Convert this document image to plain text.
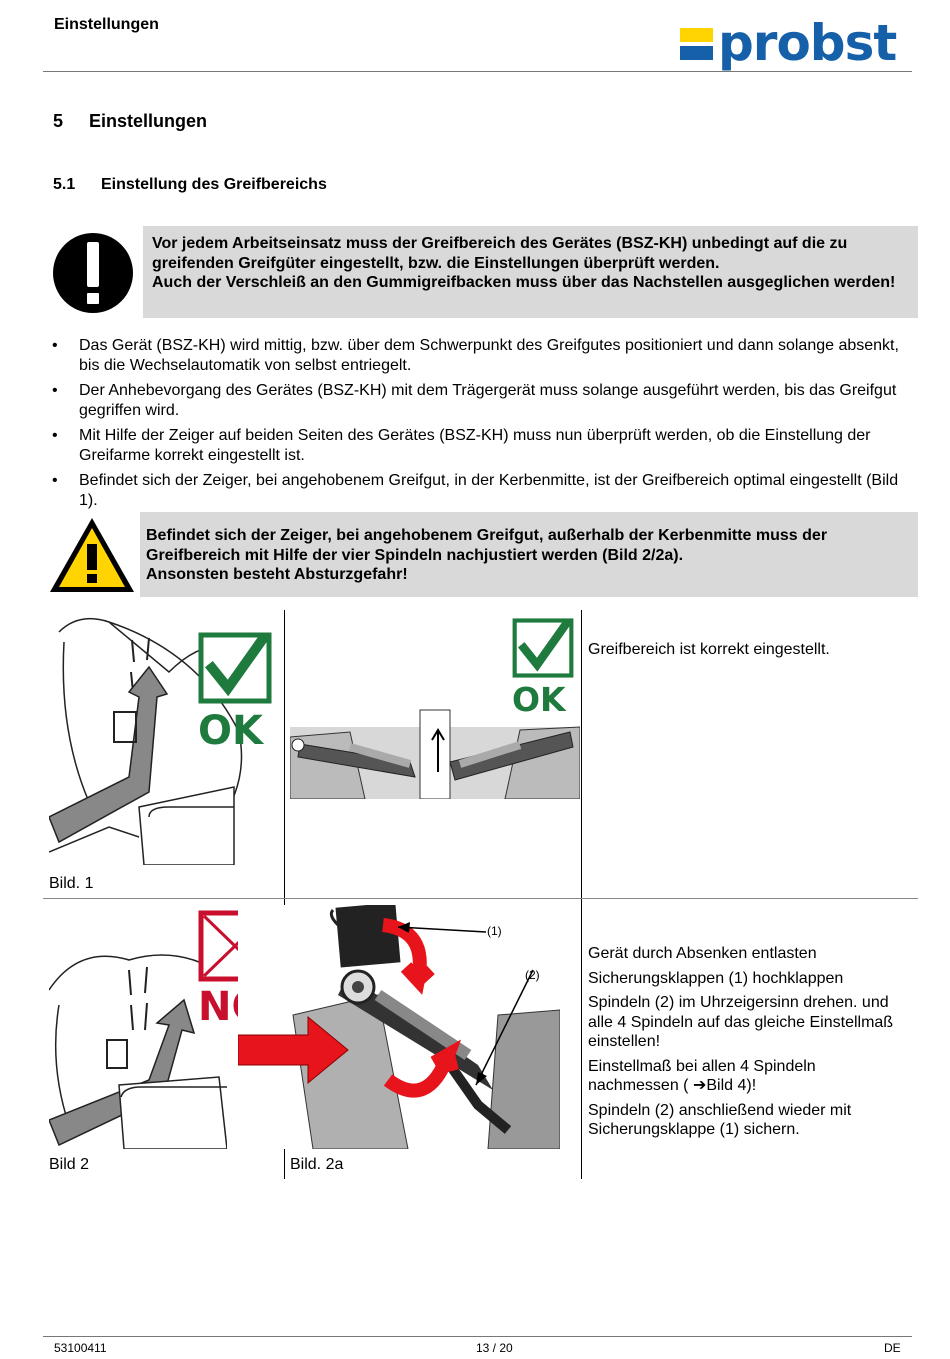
Einstellungen	probst
5 Einstellungen
5.1 Einstellung des Greifbereichs
Vor jedem Arbeitseinsatz muss der Greifbereich des Gerätes (BSZ-KH) unbedingt auf die zu greifenden Greifgüter eingestellt, bzw. die Einstellungen überprüft werden.
Auch der Verschleiß an den Gummigreifbacken muss über das Nachstellen ausgeglichen werden!
• Das Gerät (BSZ-KH) wird mittig, bzw. über dem Schwerpunkt des Greifgutes positioniert und dann solange absenkt, bis die Wechselautomatik von selbst entriegelt.
• Der Anhebevorgang des Gerätes (BSZ-KH) mit dem Trägergerät muss solange ausgeführt werden, bis das Greifgut gegriffen wird.
• Mit Hilfe der Zeiger auf beiden Seiten des Gerätes (BSZ-KH) muss nun überprüft werden, ob die Einstellung der Greifarme korrekt eingestellt ist.
• Befindet sich der Zeiger, bei angehobenem Greifgut, in der Kerbenmitte, ist der Greifbereich optimal eingestellt (Bild 1).
Befindet sich der Zeiger, bei angehobenem Greifgut, außerhalb der Kerbenmitte muss der Greifbereich mit Hilfe der vier Spindeln nachjustiert werden (Bild 2/2a).
Ansonsten besteht Absturzgefahr!
OK
OK
Greifbereich ist korrekt eingestellt.
Bild. 1
NO
(1)
(2)

Gerät durch Absenken entlasten

Sicherungsklappen (1) hochklappen

Spindeln (2) im Uhrzeigersinn drehen. und alle 4 Spindeln auf das gleiche Einstellmaß einstellen!

Einstellmaß bei allen 4 Spindeln nachmessen ( ➔Bild 4)!

Spindeln (2) anschließend wieder mit Sicherungsklappe (1) sichern.

Bild 2	Bild. 2a
53100411	13 / 20	DE
